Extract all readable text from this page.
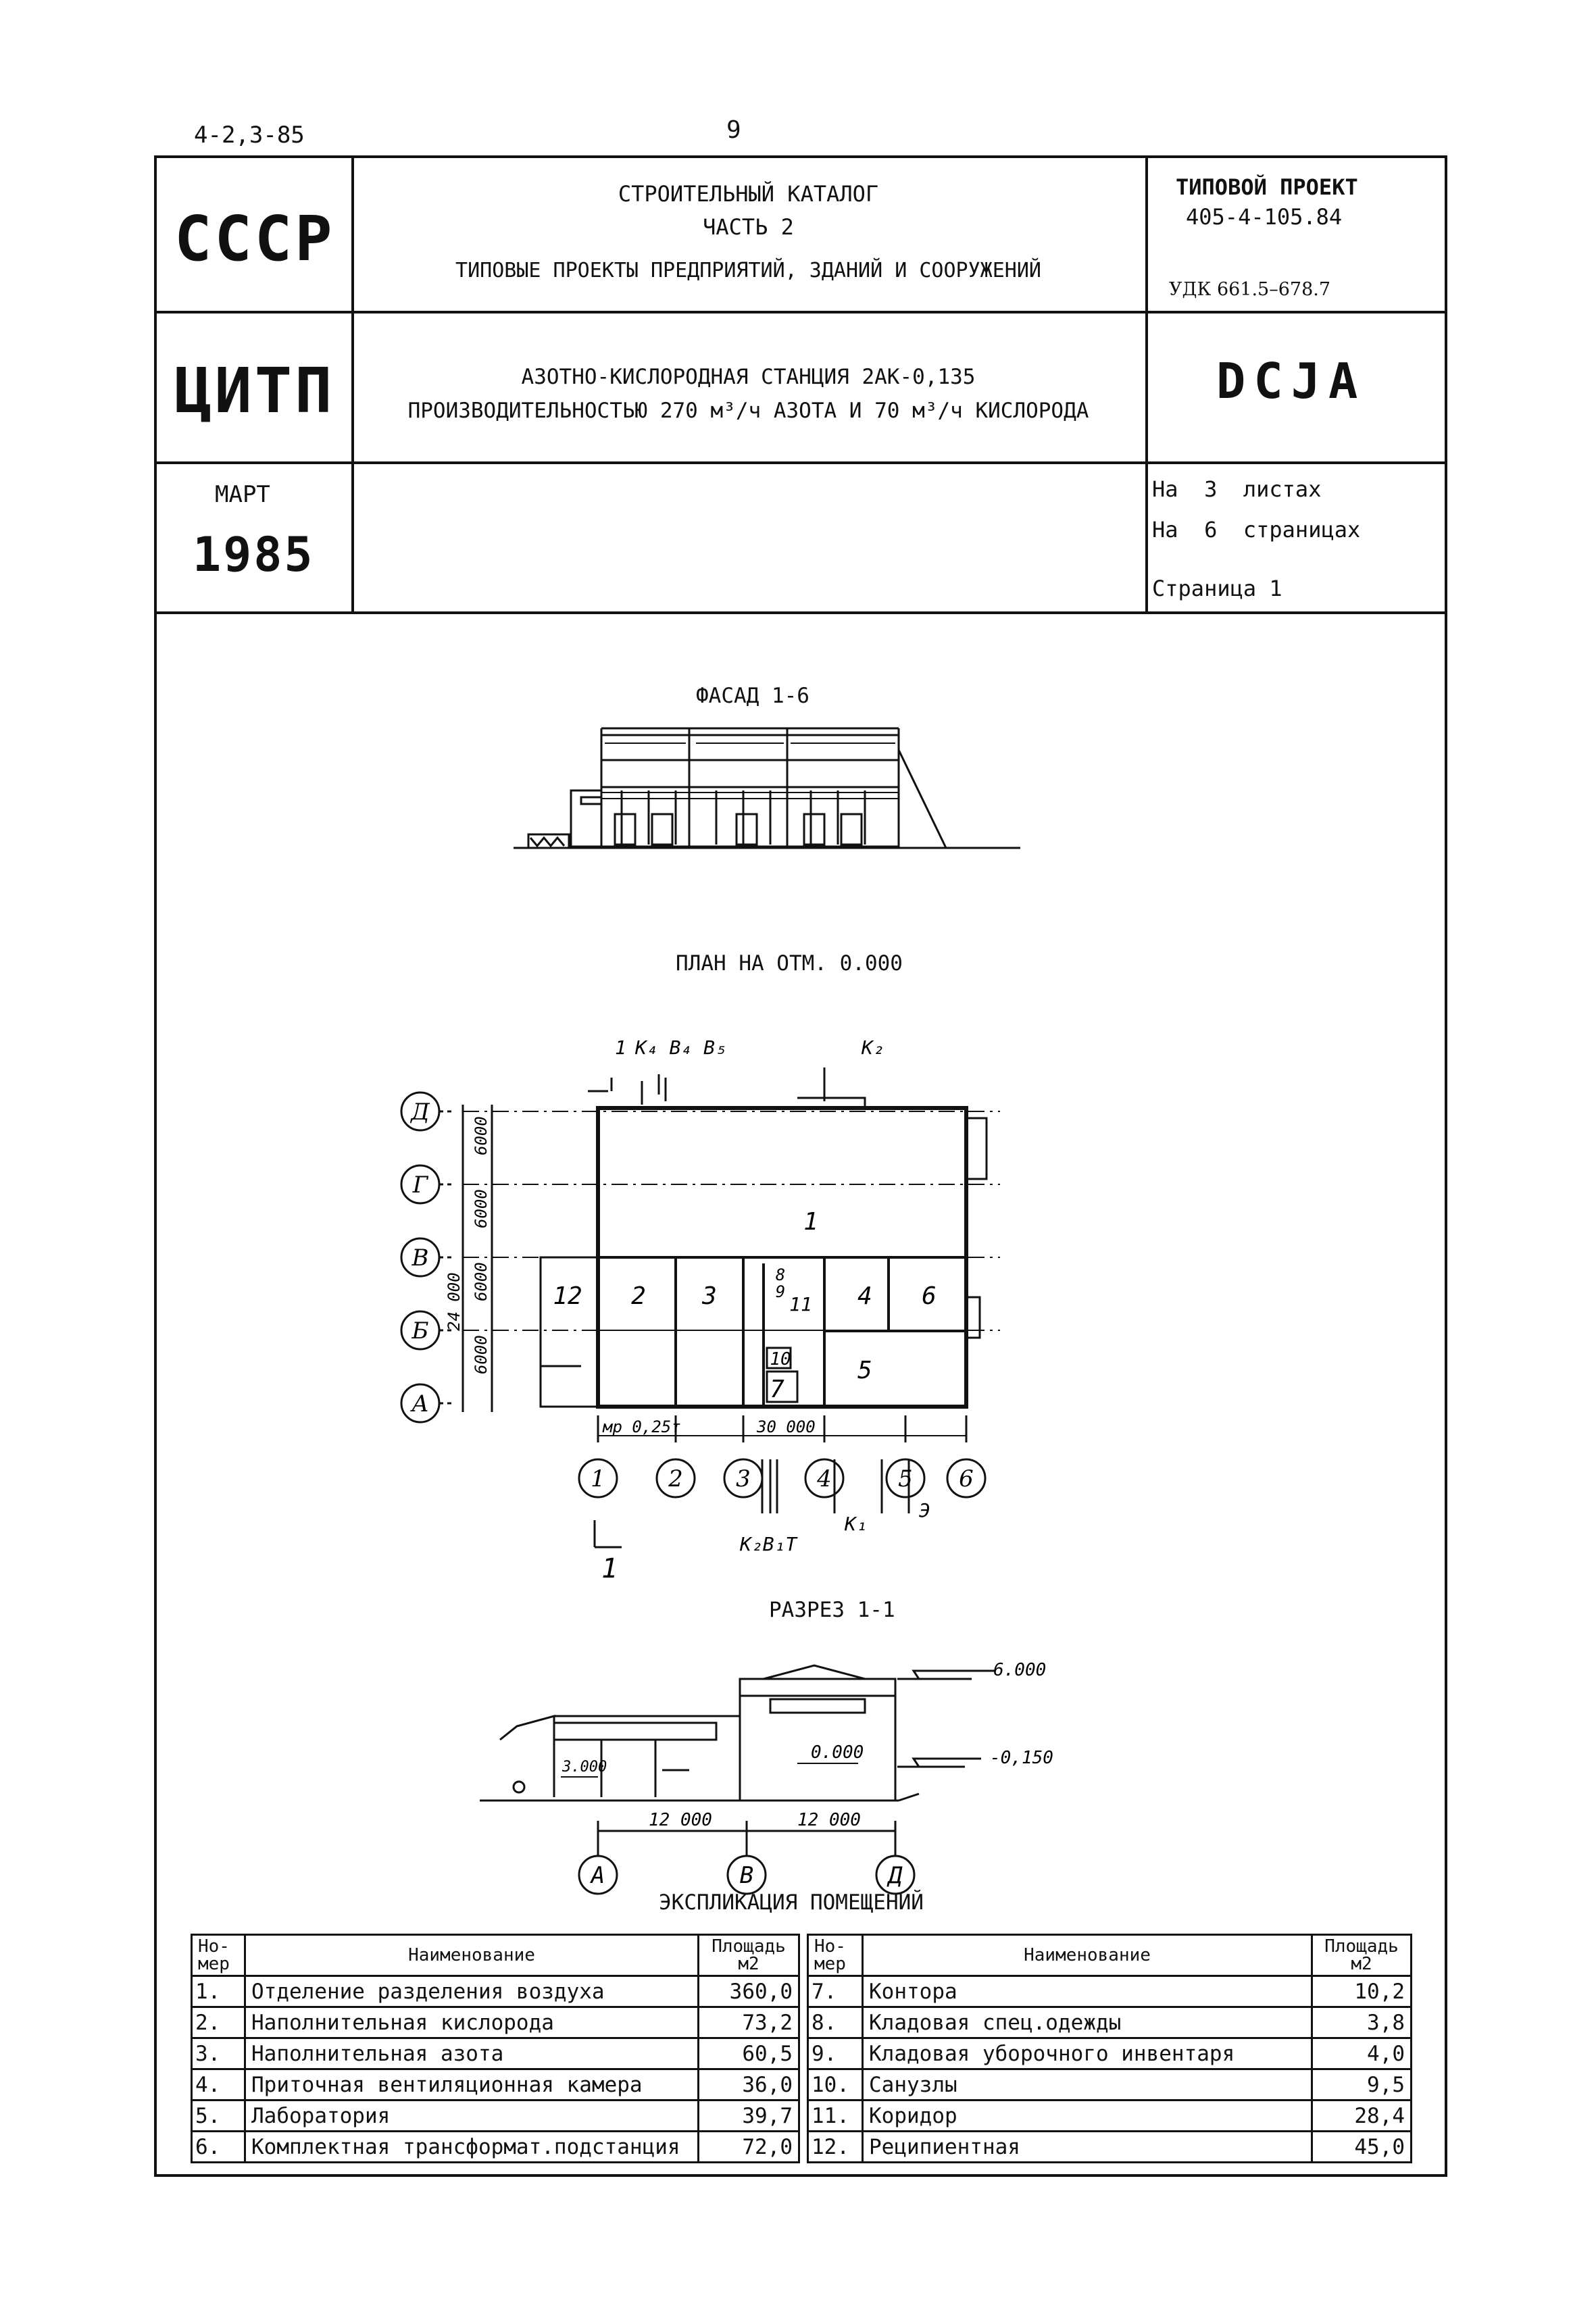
4-2,3-85	9
СССР
ЦИТП
МАРТ
1985
СТРОИТЕЛЬНЫЙ КАТАЛОГ
ЧАСТЬ 2
ТИПОВЫЕ ПРОЕКТЫ ПРЕДПРИЯТИЙ, ЗДАНИЙ И СООРУЖЕНИЙ
АЗОТНО-КИСЛОРОДНАЯ СТАНЦИЯ 2АК-0,135
ПРОИЗВОДИТЕЛЬНОСТЬЮ 270 м³/ч АЗОТА И 70 м³/ч КИСЛОРОДА
ТИПОВОЙ ПРОЕКТ
405-4-105.84
УДК 661.5–678.7
DCJA
На  3  листах
На  6  страницах
Страница 1
ФАСАД 1-6
ПЛАН НА ОТМ. 0.000
Д
Г
В
Б
А
1	2 3	4	5 6
6000
6000
6000
6000
24 000
30 000
мр 0,25т
1
2 3	4
5
6
7
8
9
10
11
12
1
1
К₄ В₄ В₅	К₂
К₂В₁Т
К₁
Э
РАЗРЕЗ 1-1
6.000
0.000	-0,150
3.000
12 000	12 000
А	В	Д
ЭКСПЛИКАЦИЯ ПОМЕЩЕНИЙ
Но-
мер	Наименование	Площадь
м2		Но-
мер	Наименование	Площадь
м2
1.	Отделение разделения воздуха	360,0		7.	Контора	10,2
2.	Наполнительная кислорода	73,2		8.	Кладовая спец.одежды	3,8
3.	Наполнительная азота	60,5		9.	Кладовая уборочного инвентаря	4,0
4.	Приточная вентиляционная камера	36,0		10.	Санузлы	9,5
5.	Лаборатория	39,7		11.	Коридор	28,4
6.	Комплектная трансформат.подстанция	72,0		12.	Реципиентная	45,0
